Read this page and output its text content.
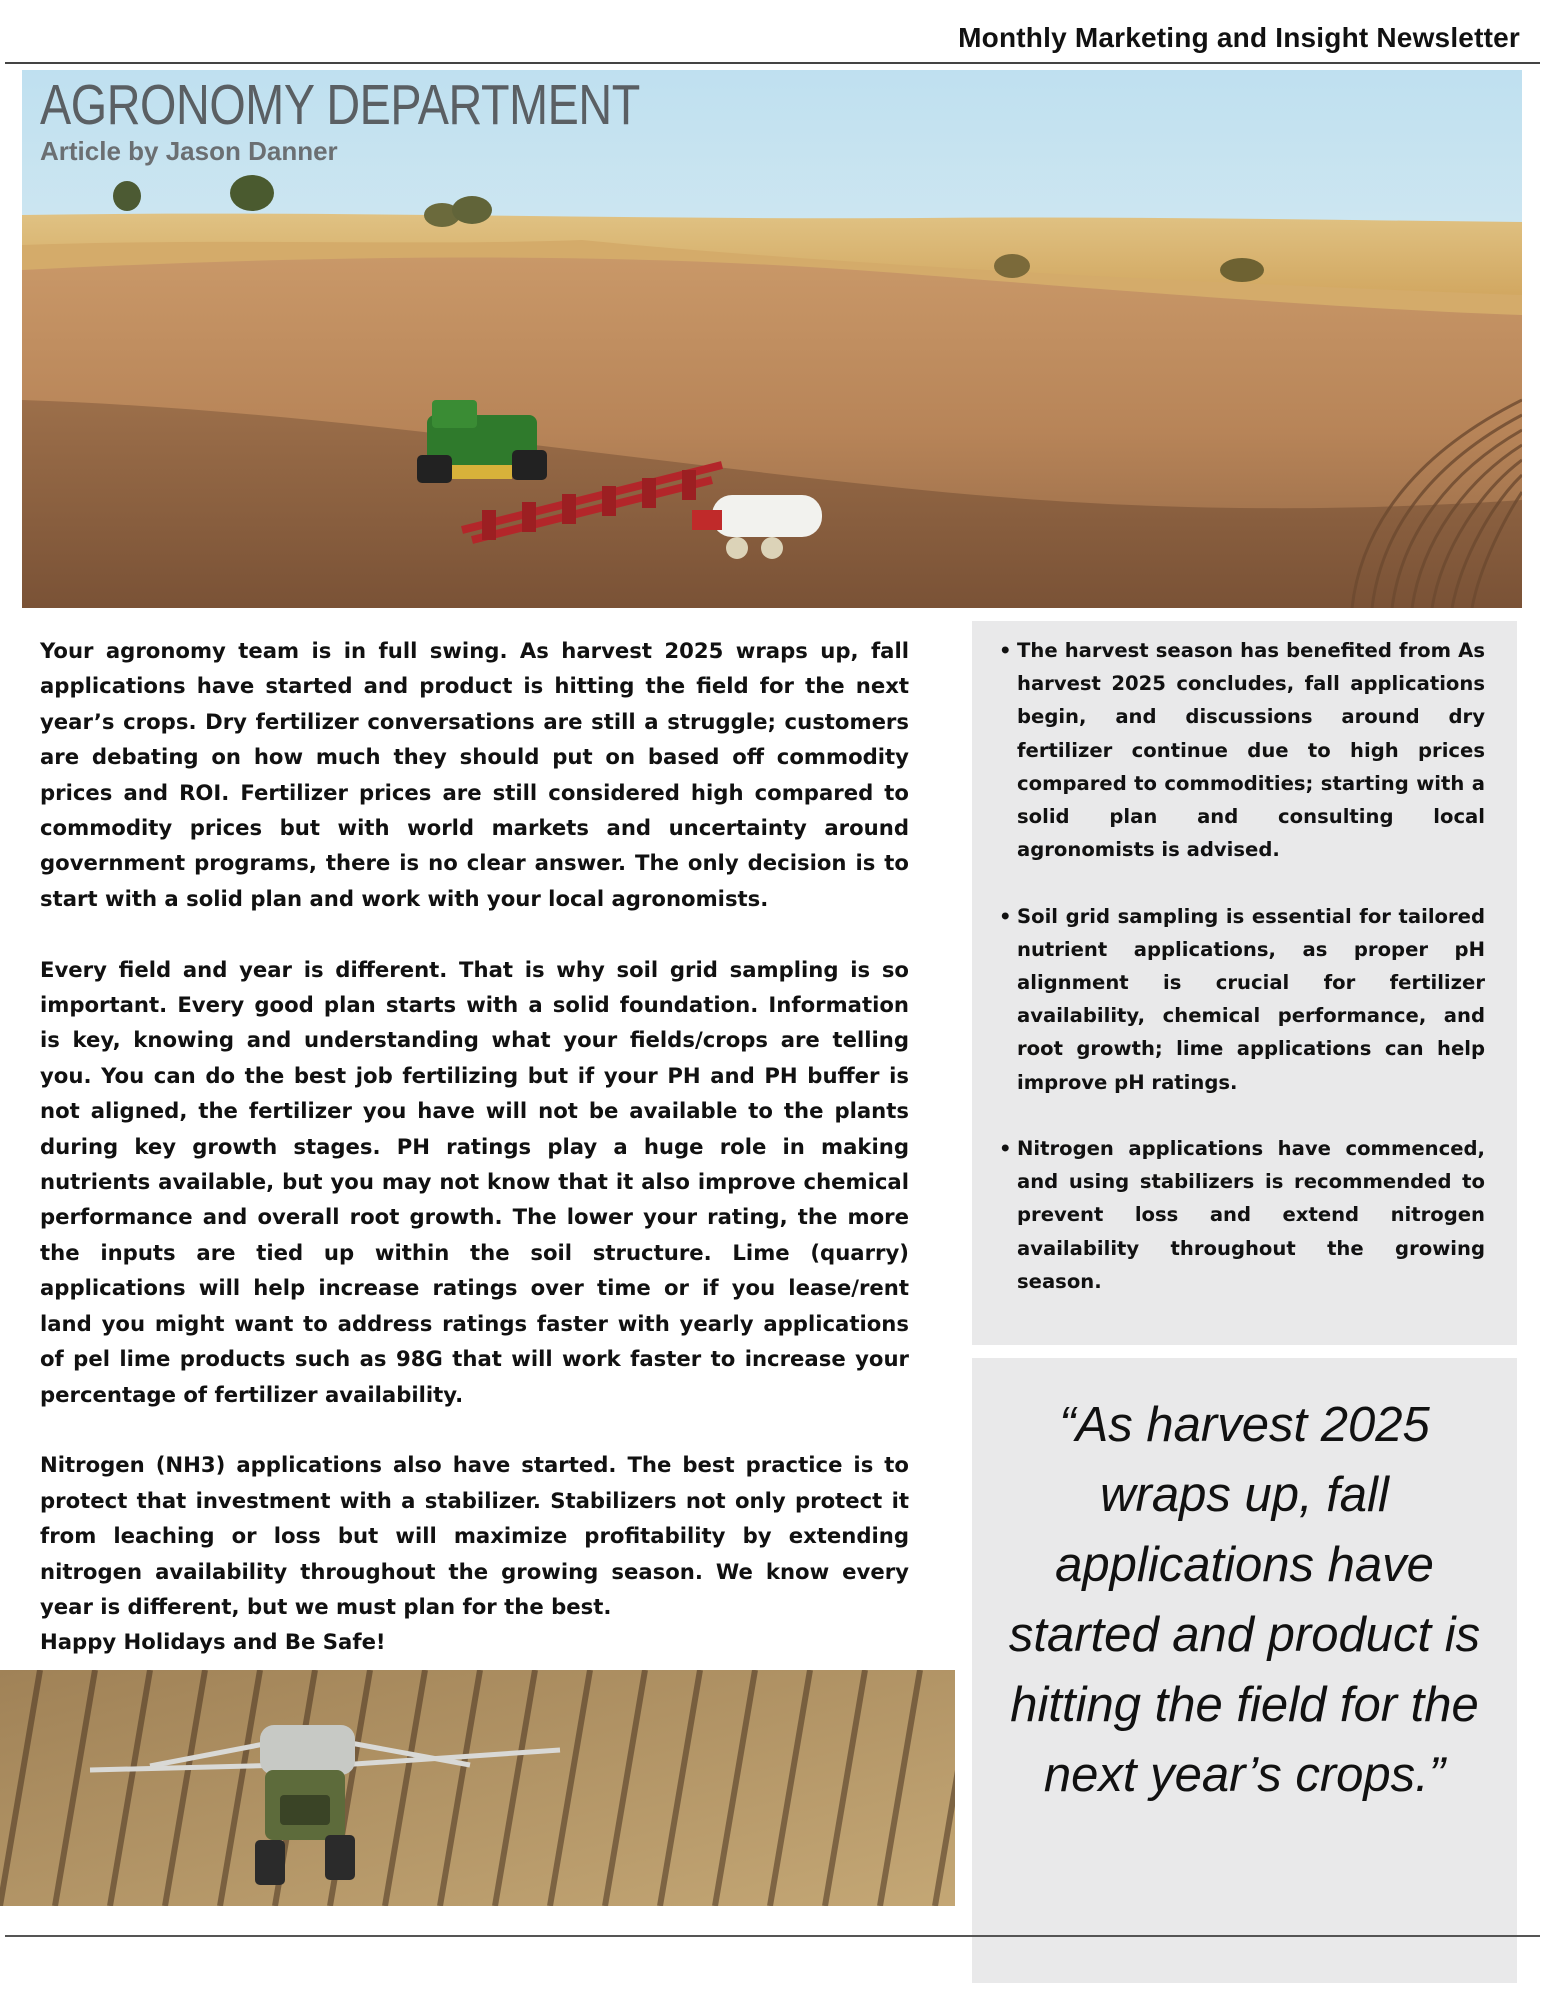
Monthly Marketing and Insight Newsletter
AGRONOMY DEPARTMENT
Article by Jason Danner

Your agronomy team is in full swing. As harvest 2025 wraps up, fall applications have started and product is hitting the field for the next year’s crops. Dry fertilizer conversations are still a struggle; customers are debating on how much they should put on based off commodity prices and ROI. Fertilizer prices are still considered high compared to commodity prices but with world markets and uncertainty around government programs, there is no clear answer. The only decision is to start with a solid plan and work with your local agronomists.

Every field and year is different. That is why soil grid sampling is so important. Every good plan starts with a solid foundation. Information is key, knowing and understanding what your fields/crops are telling you. You can do the best job fertilizing but if your PH and PH buffer is not aligned, the fertilizer you have will not be available to the plants during key growth stages. PH ratings play a huge role in making nutrients available, but you may not know that it also improve chemical performance and overall root growth. The lower your rating, the more the inputs are tied up within the soil structure. Lime (quarry) applications will help increase ratings over time or if you lease/rent land you might want to address ratings faster with yearly applications of pel lime products such as 98G that will work faster to increase your percentage of fertilizer availability.

Nitrogen (NH3) applications also have started. The best practice is to protect that investment with a stabilizer. Stabilizers not only protect it from leaching or loss but will maximize profitability by extending nitrogen availability throughout the growing season. We know every year is different, but we must plan for the best.

Happy Holidays and Be Safe!

• The harvest season has benefited from As harvest 2025 concludes, fall applications begin, and discussions around dry fertilizer continue due to high prices compared to commodities; starting with a solid plan and consulting local agronomists is advised.
• Soil grid sampling is essential for tailored nutrient applications, as proper pH alignment is crucial for fertilizer availability, chemical performance, and root growth; lime applications can help improve pH ratings.
• Nitrogen applications have commenced, and using stabilizers is recommended to prevent loss and extend nitrogen availability throughout the growing season.
“As harvest 2025 wraps up, fall applications have started and product is hitting the field for the next year’s crops.”
